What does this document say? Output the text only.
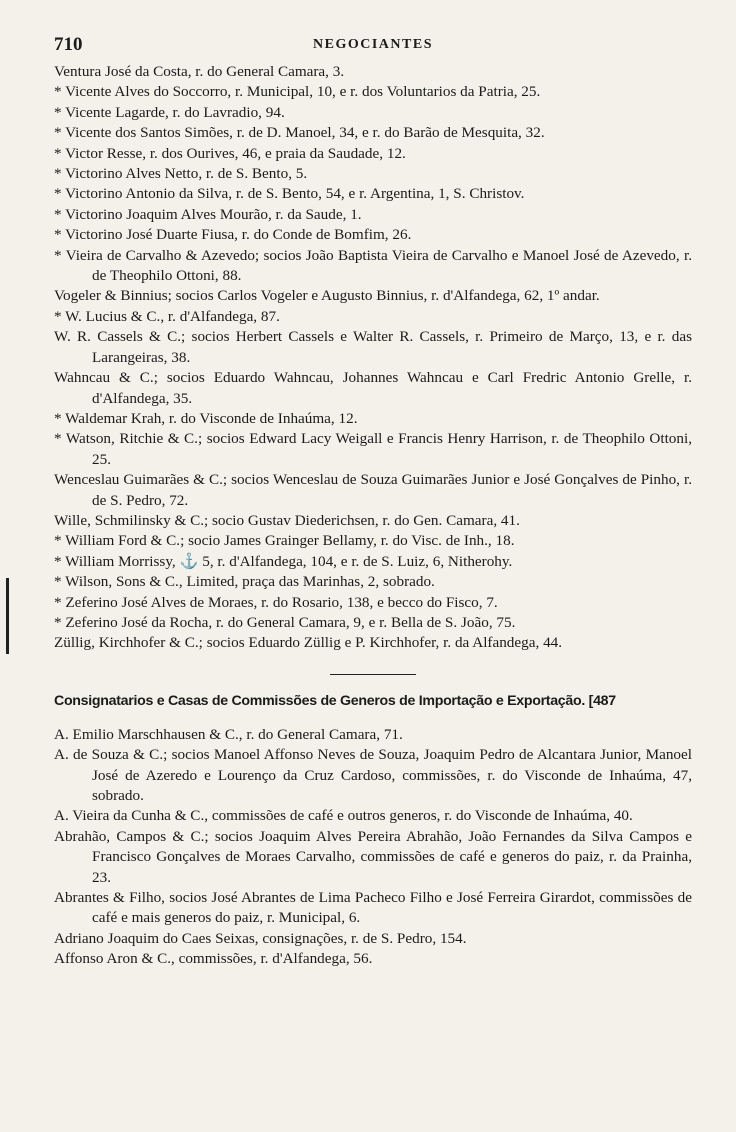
710	NEGOCIANTES
Ventura José da Costa, r. do General Camara, 3.
* Vicente Alves do Soccorro, r. Municipal, 10, e r. dos Voluntarios da Patria, 25.
* Vicente Lagarde, r. do Lavradio, 94.
* Vicente dos Santos Simões, r. de D. Manoel, 34, e r. do Barão de Mesquita, 32.
* Victor Resse, r. dos Ourives, 46, e praia da Saudade, 12.
* Victorino Alves Netto, r. de S. Bento, 5.
* Victorino Antonio da Silva, r. de S. Bento, 54, e r. Argentina, 1, S. Christov.
* Victorino Joaquim Alves Mourão, r. da Saude, 1.
* Victorino José Duarte Fiusa, r. do Conde de Bomfim, 26.
* Vieira de Carvalho & Azevedo; socios João Baptista Vieira de Carvalho e Manoel José de Azevedo, r. de Theophilo Ottoni, 88.
Vogeler & Binnius; socios Carlos Vogeler e Augusto Binnius, r. d'Alfandega, 62, 1º andar.
* W. Lucius & C., r. d'Alfandega, 87.
W. R. Cassels & C.; socios Herbert Cassels e Walter R. Cassels, r. Primeiro de Março, 13, e r. das Larangeiras, 38.
Wahncau & C.; socios Eduardo Wahncau, Johannes Wahncau e Carl Fredric Antonio Grelle, r. d'Alfandega, 35.
* Waldemar Krah, r. do Visconde de Inhaúma, 12.
* Watson, Ritchie & C.; socios Edward Lacy Weigall e Francis Henry Harrison, r. de Theophilo Ottoni, 25.
Wenceslau Guimarães & C.; socios Wenceslau de Souza Guimarães Junior e José Gonçalves de Pinho, r. de S. Pedro, 72.
Wille, Schmilinsky & C.; socio Gustav Diederichsen, r. do Gen. Camara, 41.
* William Ford & C.; socio James Grainger Bellamy, r. do Visc. de Inh., 18.
* William Morrissy, ⚓ 5, r. d'Alfandega, 104, e r. de S. Luiz, 6, Nitherohy.
* Wilson, Sons & C., Limited, praça das Marinhas, 2, sobrado.
* Zeferino José Alves de Moraes, r. do Rosario, 138, e becco do Fisco, 7.
* Zeferino José da Rocha, r. do General Camara, 9, e r. Bella de S. João, 75.
Züllig, Kirchhofer & C.; socios Eduardo Züllig e P. Kirchhofer, r. da Alfandega, 44.
Consignatarios e Casas de Commissões de Generos de Importação e Exportação. [487
A. Emilio Marschhausen & C., r. do General Camara, 71.
A. de Souza & C.; socios Manoel Affonso Neves de Souza, Joaquim Pedro de Alcantara Junior, Manoel José de Azeredo e Lourenço da Cruz Cardoso, commissões, r. do Visconde de Inhaúma, 47, sobrado.
A. Vieira da Cunha & C., commissões de café e outros generos, r. do Visconde de Inhaúma, 40.
Abrahão, Campos & C.; socios Joaquim Alves Pereira Abrahão, João Fernandes da Silva Campos e Francisco Gonçalves de Moraes Carvalho, commissões de café e generos do paiz, r. da Prainha, 23.
Abrantes & Filho, socios José Abrantes de Lima Pacheco Filho e José Ferreira Girardot, commissões de café e mais generos do paiz, r. Municipal, 6.
Adriano Joaquim do Caes Seixas, consignações, r. de S. Pedro, 154.
Affonso Aron & C., commissões, r. d'Alfandega, 56.
